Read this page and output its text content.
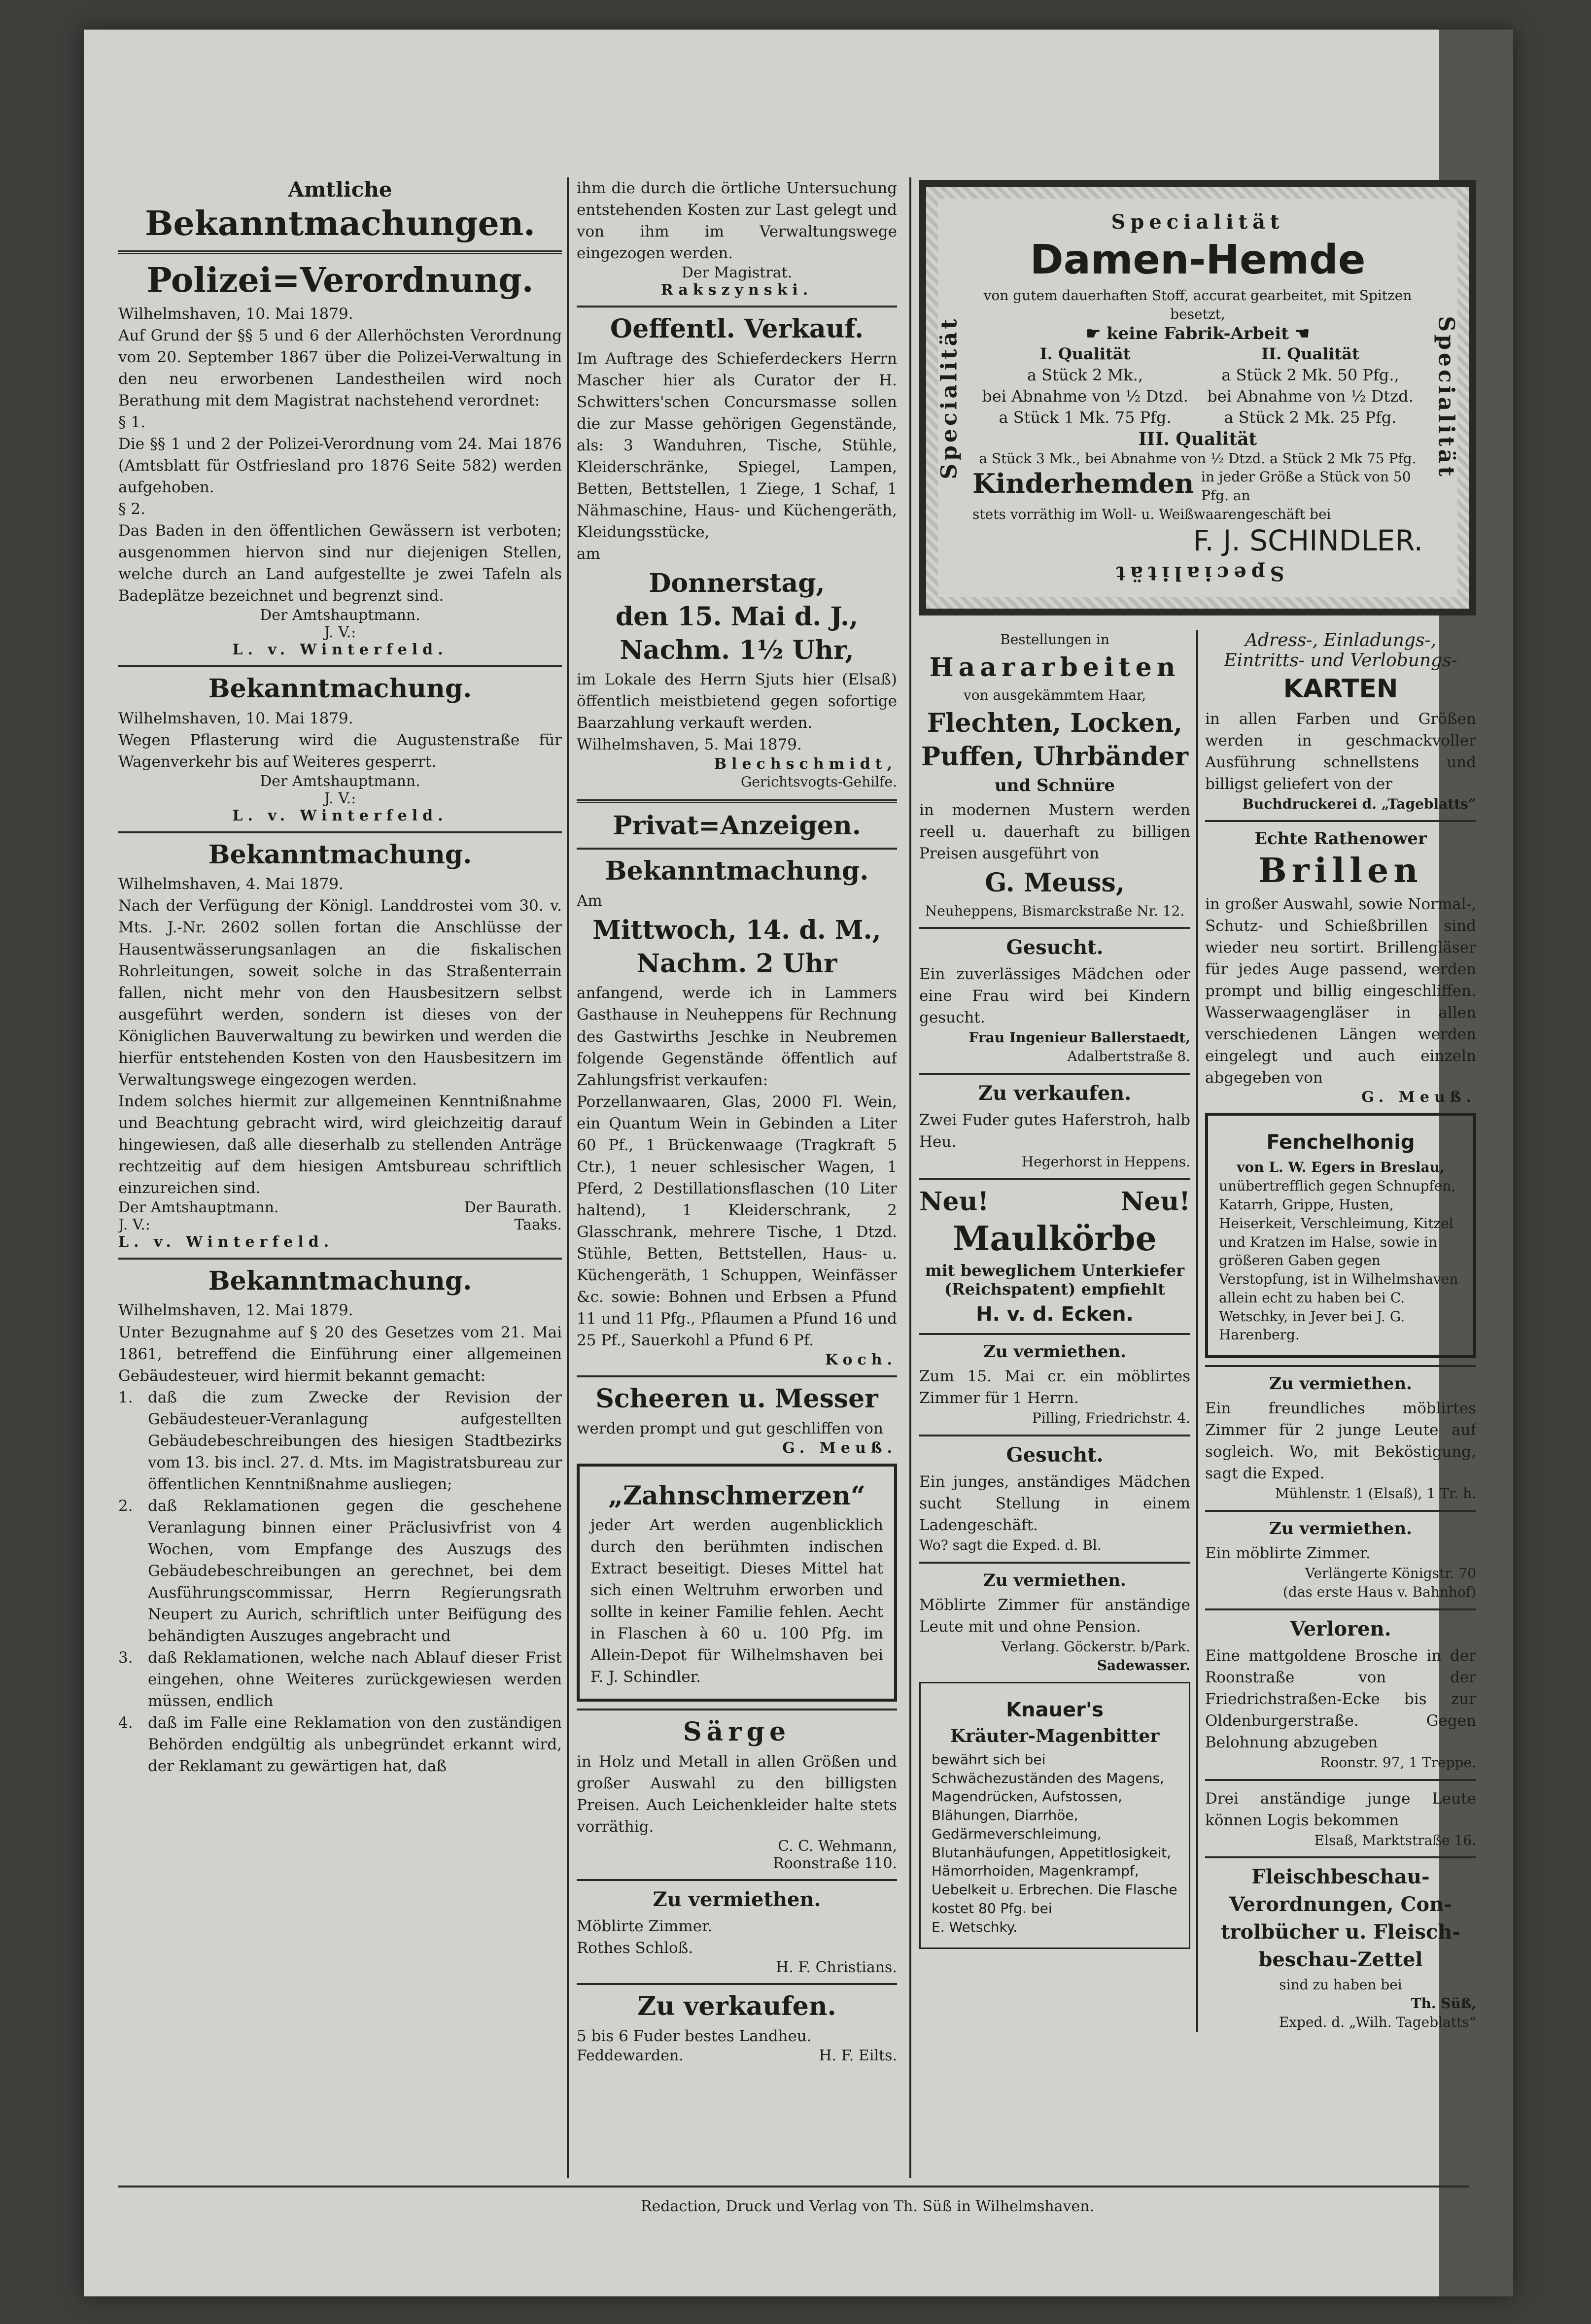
Amtliche
Bekanntmachungen.
Polizei=Verordnung.
Wilhelmshaven, 10. Mai 1879.
Auf Grund der §§ 5 und 6 der Allerhöchsten Verordnung vom 20. September 1867 über die Polizei-Verwaltung in den neu erworbenen Landestheilen wird noch Berathung mit dem Magistrat nachstehend verordnet:
§ 1.
Die §§ 1 und 2 der Polizei-Verordnung vom 24. Mai 1876 (Amtsblatt für Ostfriesland pro 1876 Seite 582) werden aufgehoben.
§ 2.
Das Baden in den öffentlichen Gewässern ist verboten; ausgenommen hiervon sind nur diejenigen Stellen, welche durch an Land aufgestellte je zwei Tafeln als Badeplätze bezeichnet und begrenzt sind.
Der Amtshauptmann.
J. V.:
L. v. Winterfeld.
Bekanntmachung.
Wilhelmshaven, 10. Mai 1879.
Wegen Pflasterung wird die Augustenstraße für Wagenverkehr bis auf Weiteres gesperrt.
Der Amtshauptmann.
J. V.:
L. v. Winterfeld.
Bekanntmachung.
Wilhelmshaven, 4. Mai 1879.
Nach der Verfügung der Königl. Landdrostei vom 30. v. Mts. J.-Nr. 2602 sollen fortan die Anschlüsse der Hausentwässerungsanlagen an die fiskalischen Rohrleitungen, soweit solche in das Straßenterrain fallen, nicht mehr von den Hausbesitzern selbst ausgeführt werden, sondern ist dieses von der Königlichen Bauverwaltung zu bewirken und werden die hierfür entstehenden Kosten von den Hausbesitzern im Verwaltungswege eingezogen werden.
Indem solches hiermit zur allgemeinen Kenntnißnahme und Beachtung gebracht wird, wird gleichzeitig darauf hingewiesen, daß alle dieserhalb zu stellenden Anträge rechtzeitig auf dem hiesigen Amtsbureau schriftlich einzureichen sind.
Der Amtshauptmann.	Der Baurath.
J. V.:	Taaks.
L. v. Winterfeld.
Bekanntmachung.
Wilhelmshaven, 12. Mai 1879.
Unter Bezugnahme auf § 20 des Gesetzes vom 21. Mai 1861, betreffend die Einführung einer allgemeinen Gebäudesteuer, wird hiermit bekannt gemacht:
1. daß die zum Zwecke der Revision der Gebäudesteuer-Veranlagung aufgestellten Gebäudebeschreibungen des hiesigen Stadtbezirks vom 13. bis incl. 27. d. Mts. im Magistratsbureau zur öffentlichen Kenntnißnahme ausliegen;
2. daß Reklamationen gegen die geschehene Veranlagung binnen einer Präclusivfrist von 4 Wochen, vom Empfange des Auszugs des Gebäudebeschreibungen an gerechnet, bei dem Ausführungscommissar, Herrn Regierungsrath Neupert zu Aurich, schriftlich unter Beifügung des behändigten Auszuges angebracht und
3. daß Reklamationen, welche nach Ablauf dieser Frist eingehen, ohne Weiteres zurückgewiesen werden müssen, endlich
4. daß im Falle eine Reklamation von den zuständigen Behörden endgültig als unbegründet erkannt wird, der Reklamant zu gewärtigen hat, daß
ihm die durch die örtliche Untersuchung entstehenden Kosten zur Last gelegt und von ihm im Verwaltungswege eingezogen werden.
Der Magistrat.
Rakszynski.
Oeffentl. Verkauf.
Im Auftrage des Schieferdeckers Herrn Mascher hier als Curator der H. Schwitters'schen Concursmasse sollen die zur Masse gehörigen Gegenstände, als: 3 Wanduhren, Tische, Stühle, Kleiderschränke, Spiegel, Lampen, Betten, Bettstellen, 1 Ziege, 1 Schaf, 1 Nähmaschine, Haus- und Küchengeräth, Kleidungsstücke,
am
Donnerstag,
den 15. Mai d. J.,
Nachm. 1½ Uhr,
im Lokale des Herrn Sjuts hier (Elsaß) öffentlich meistbietend gegen sofortige Baarzahlung verkauft werden.
Wilhelmshaven, 5. Mai 1879.
Blechschmidt,
Gerichtsvogts-Gehilfe.
Privat=Anzeigen.
Bekanntmachung.
Am
Mittwoch, 14. d. M.,
Nachm. 2 Uhr
anfangend, werde ich in Lammers Gasthause in Neuheppens für Rechnung des Gastwirths Jeschke in Neubremen folgende Gegenstände öffentlich auf Zahlungsfrist verkaufen:
Porzellanwaaren, Glas, 2000 Fl. Wein, ein Quantum Wein in Gebinden a Liter 60 Pf., 1 Brückenwaage (Tragkraft 5 Ctr.), 1 neuer schlesischer Wagen, 1 Pferd, 2 Destillationsflaschen (10 Liter haltend), 1 Kleiderschrank, 2 Glasschrank, mehrere Tische, 1 Dtzd. Stühle, Betten, Bettstellen, Haus- u. Küchengeräth, 1 Schuppen, Weinfässer &c. sowie: Bohnen und Erbsen a Pfund 11 und 11 Pfg., Pflaumen a Pfund 16 und 25 Pf., Sauerkohl a Pfund 6 Pf.
Koch.
Scheeren u. Messer
werden prompt und gut geschliffen von
G. Meuß.
„Zahnschmerzen“
jeder Art werden augenblicklich durch den berühmten indischen Extract beseitigt. Dieses Mittel hat sich einen Weltruhm erworben und sollte in keiner Familie fehlen. Aecht in Flaschen à 60 u. 100 Pfg. im Allein-Depot für Wilhelmshaven bei F. J. Schindler.
Särge
in Holz und Metall in allen Größen und großer Auswahl zu den billigsten Preisen. Auch Leichenkleider halte stets vorräthig.
C. C. Wehmann,
Roonstraße 110.
Zu vermiethen.
Möblirte Zimmer.
Rothes Schloß.
H. F. Christians.
Zu verkaufen.
5 bis 6 Fuder bestes Landheu.
Feddewarden.	H. F. Eilts.
Specialität
Specialität	Specialität
Damen-Hemde
von gutem dauerhaften Stoff, accurat gearbeitet, mit Spitzen besetzt,
☛ keine Fabrik-Arbeit ☚
I. Qualität	II. Qualität
a Stück 2 Mk.,	a Stück 2 Mk. 50 Pfg.,
bei Abnahme von ½ Dtzd.	bei Abnahme von ½ Dtzd.
a Stück 1 Mk. 75 Pfg.	a Stück 2 Mk. 25 Pfg.
III. Qualität
a Stück 3 Mk., bei Abnahme von ½ Dtzd. a Stück 2 Mk 75 Pfg.
Kinderhemden in jeder Größe a Stück von 50 Pfg. an
stets vorräthig im Woll- u. Weißwaarengeschäft bei
F. J. SCHINDLER.
Specialität
Bestellungen in
Haararbeiten
von ausgekämmtem Haar,
Flechten, Locken,
Puffen, Uhrbänder
und Schnüre
in modernen Mustern werden reell u. dauerhaft zu billigen Preisen ausgeführt von
G. Meuss,
Neuheppens, Bismarckstraße Nr. 12.
Gesucht.
Ein zuverlässiges Mädchen oder eine Frau wird bei Kindern gesucht.
Frau Ingenieur Ballerstaedt,
Adalbertstraße 8.
Zu verkaufen.
Zwei Fuder gutes Haferstroh, halb Heu.
Hegerhorst in Heppens.
Neu!	Neu!
Maulkörbe
mit beweglichem Unterkiefer (Reichspatent) empfiehlt
H. v. d. Ecken.
Zu vermiethen.
Zum 15. Mai cr. ein möblirtes Zimmer für 1 Herrn.
Pilling, Friedrichstr. 4.
Gesucht.
Ein junges, anständiges Mädchen sucht Stellung in einem Ladengeschäft.
Wo? sagt die Exped. d. Bl.
Zu vermiethen.
Möblirte Zimmer für anständige Leute mit und ohne Pension.
Verlang. Göckerstr. b/Park.
Sadewasser.
Knauer's
Kräuter-Magenbitter
bewährt sich bei Schwächezuständen des Magens, Magendrücken, Aufstossen, Blähungen, Diarrhöe, Gedärmeverschleimung, Blutanhäufungen, Appetitlosigkeit, Hämorrhoiden, Magenkrampf, Uebelkeit u. Erbrechen. Die Flasche kostet 80 Pfg. bei
E. Wetschky.
Adress-, Einladungs-,
Eintritts- und Verlobungs-
KARTEN
in allen Farben und Größen werden in geschmackvoller Ausführung schnellstens und billigst geliefert von der
Buchdruckerei d. „Tageblatts“
Echte Rathenower
Brillen
in großer Auswahl, sowie Normal-, Schutz- und Schießbrillen sind wieder neu sortirt. Brillengläser für jedes Auge passend, werden prompt und billig eingeschliffen. Wasserwaagengläser in allen verschiedenen Längen werden eingelegt und auch einzeln abgegeben von
G. Meuß.
Fenchelhonig
von L. W. Egers in Breslau,
unübertrefflich gegen Schnupfen, Katarrh, Grippe, Husten, Heiserkeit, Verschleimung, Kitzel und Kratzen im Halse, sowie in größeren Gaben gegen Verstopfung, ist in Wilhelmshaven allein echt zu haben bei C. Wetschky, in Jever bei J. G. Harenberg.
Zu vermiethen.
Ein freundliches möblirtes Zimmer für 2 junge Leute auf sogleich. Wo, mit Beköstigung, sagt die Exped.
Mühlenstr. 1 (Elsaß), 1 Tr. h.
Zu vermiethen.
Ein möblirte Zimmer.
Verlängerte Königstr. 70
(das erste Haus v. Bahnhof)
Verloren.
Eine mattgoldene Brosche in der Roonstraße von der Friedrichstraßen-Ecke bis zur Oldenburgerstraße. Gegen Belohnung abzugeben
Roonstr. 97, 1 Treppe.
Drei anständige junge Leute können Logis bekommen
Elsaß, Marktstraße 16.
Fleischbeschau-
Verordnungen, Con-
trolbücher u. Fleisch-
beschau-Zettel
sind zu haben bei
Th. Süß,
Exped. d. „Wilh. Tageblatts“
Redaction, Druck und Verlag von Th. Süß in Wilhelmshaven.
